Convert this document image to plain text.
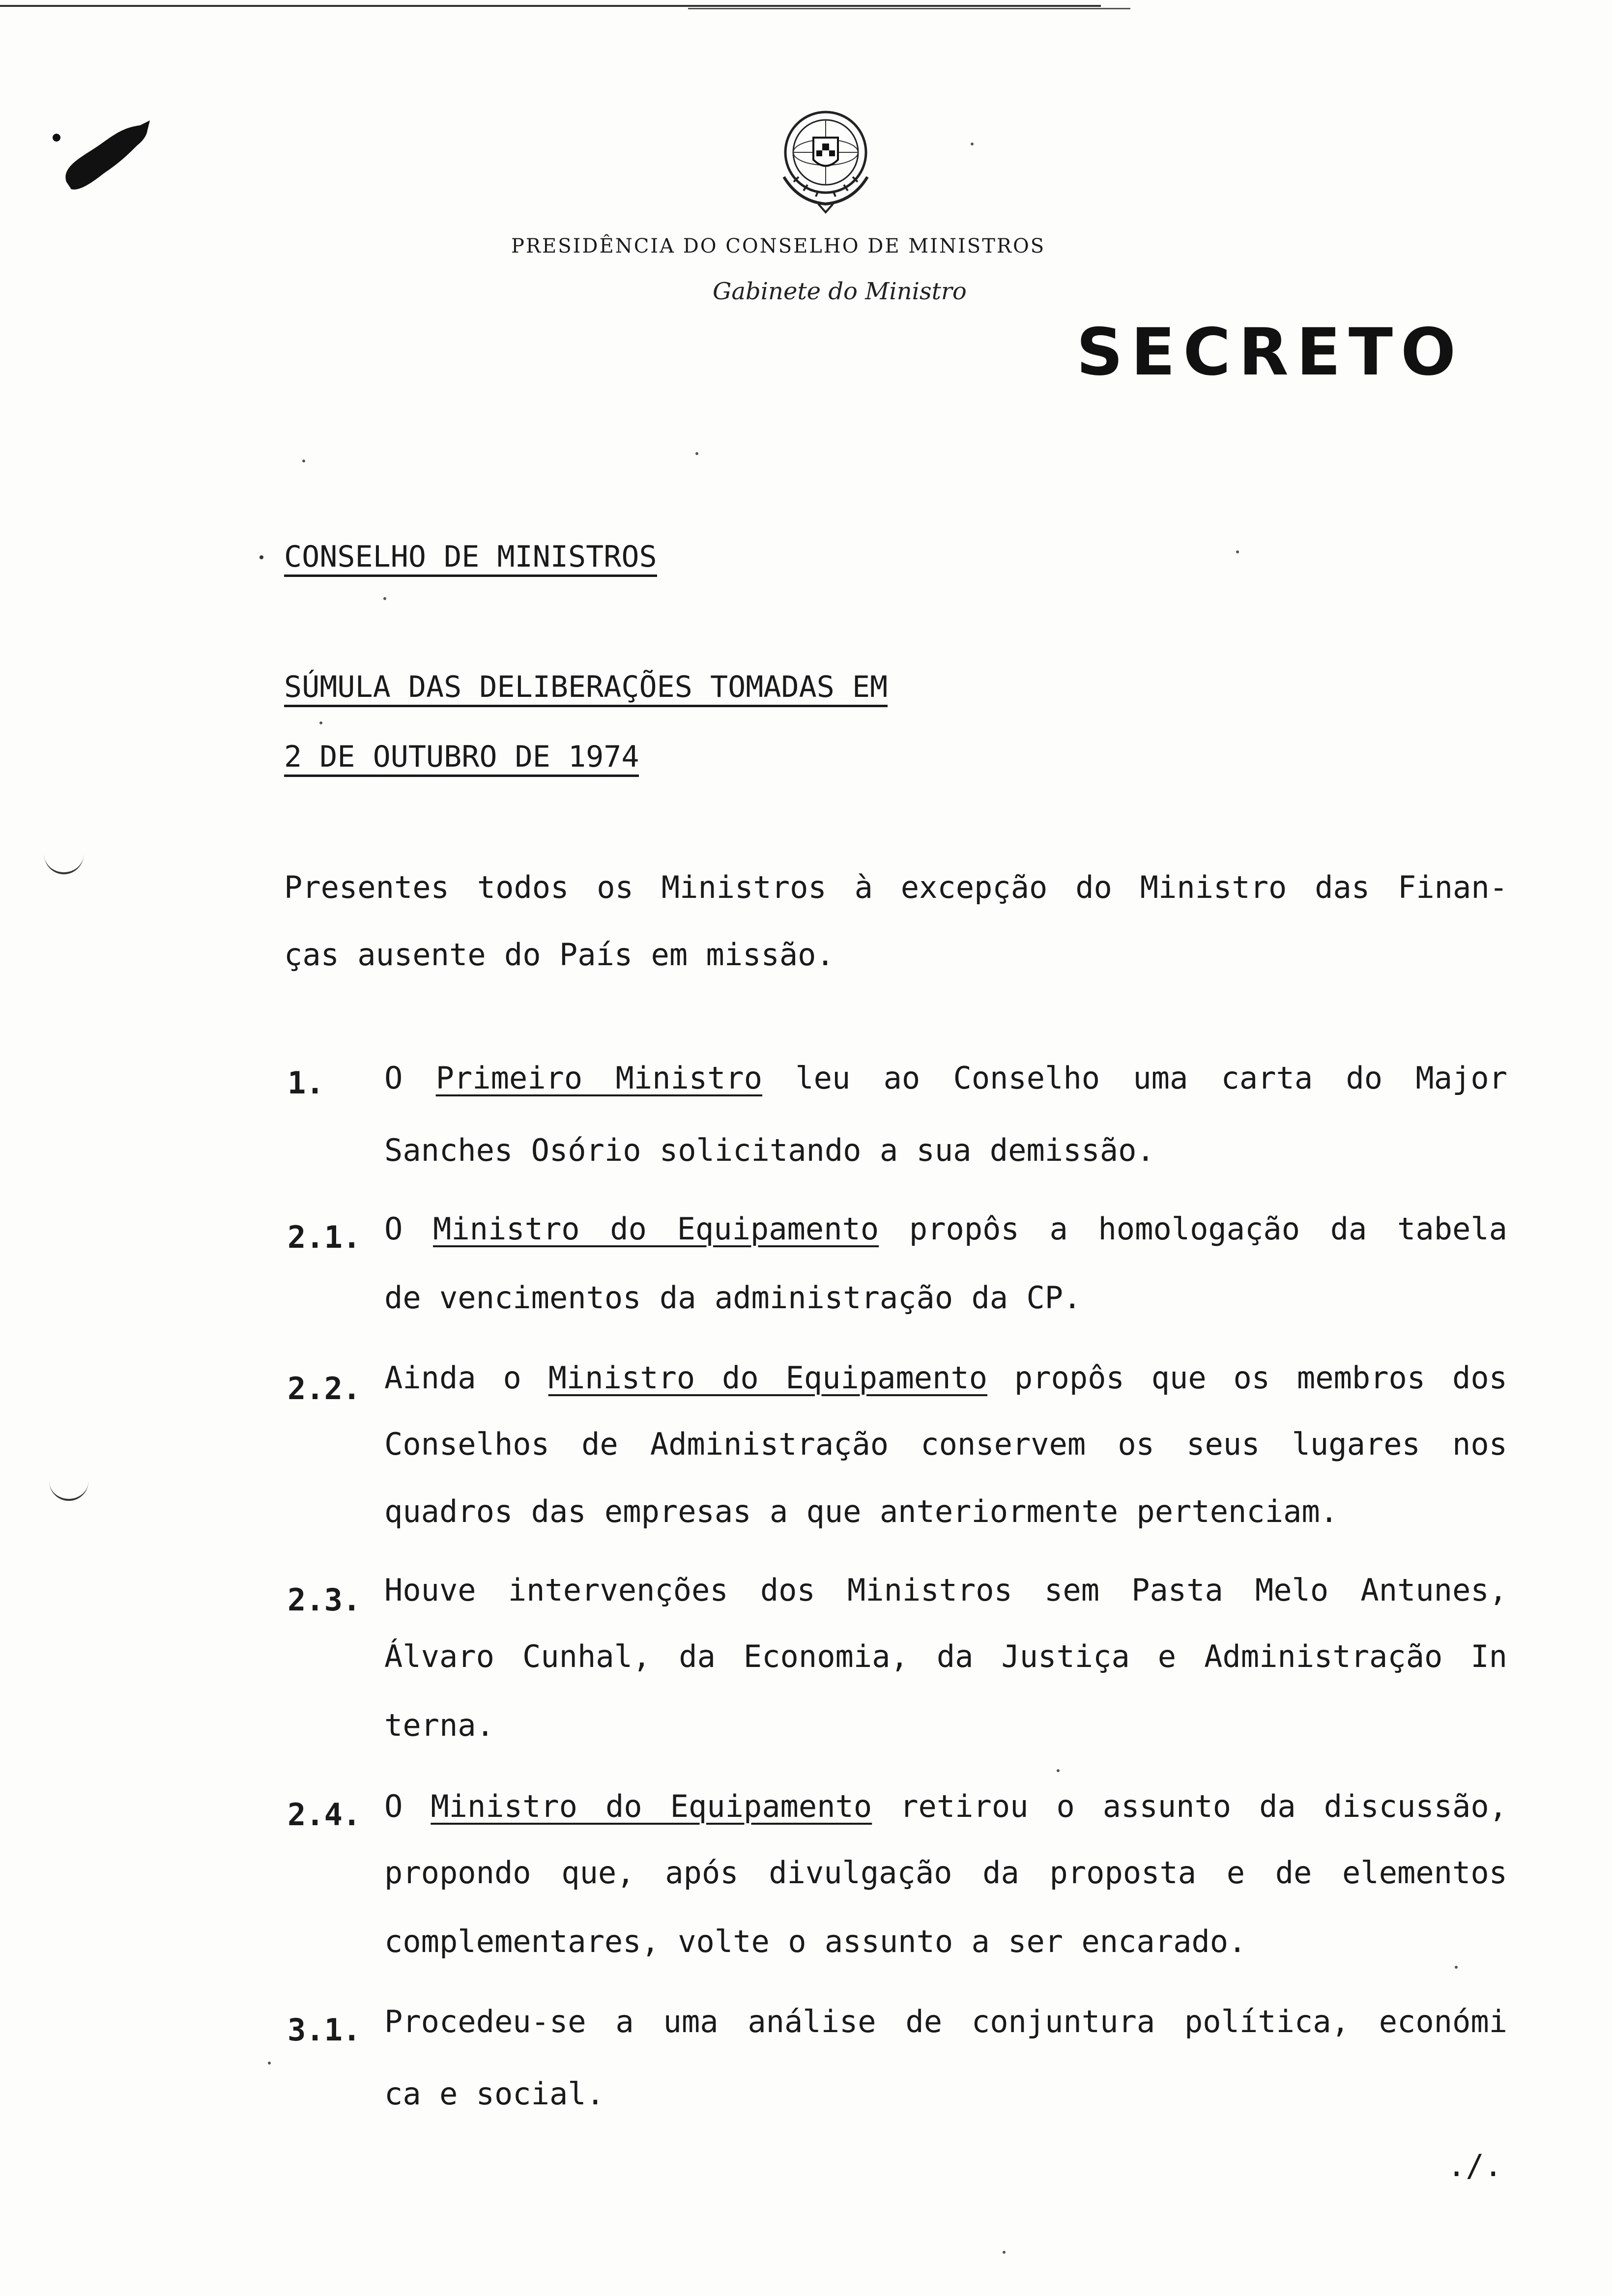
PRESIDÊNCIA DO CONSELHO DE MINISTROS
Gabinete do Ministro
SECRETO
CONSELHO DE MINISTROS
SÚMULA DAS DELIBERAÇÕES TOMADAS EM
2 DE OUTUBRO DE 1974
Presentes todos os Ministros à excepção do Ministro das Finan-
ças ausente do País em missão.
1. O Primeiro Ministro leu ao Conselho uma carta do Major
Sanches Osório solicitando a sua demissão.
2.1. O Ministro do Equipamento propôs a homologação da tabela
de vencimentos da administração da CP.
2.2. Ainda o Ministro do Equipamento propôs que os membros dos
Conselhos de Administração conservem os seus lugares nos
quadros das empresas a que anteriormente pertenciam.
2.3. Houve intervenções dos Ministros sem Pasta Melo Antunes,
Álvaro Cunhal, da Economia, da Justiça e Administração In
terna.
2.4. O Ministro do Equipamento retirou o assunto da discussão,
propondo que, após divulgação da proposta e de elementos
complementares, volte o assunto a ser encarado.
3.1. Procedeu-se a uma análise de conjuntura política, económi
ca e social.
./.
